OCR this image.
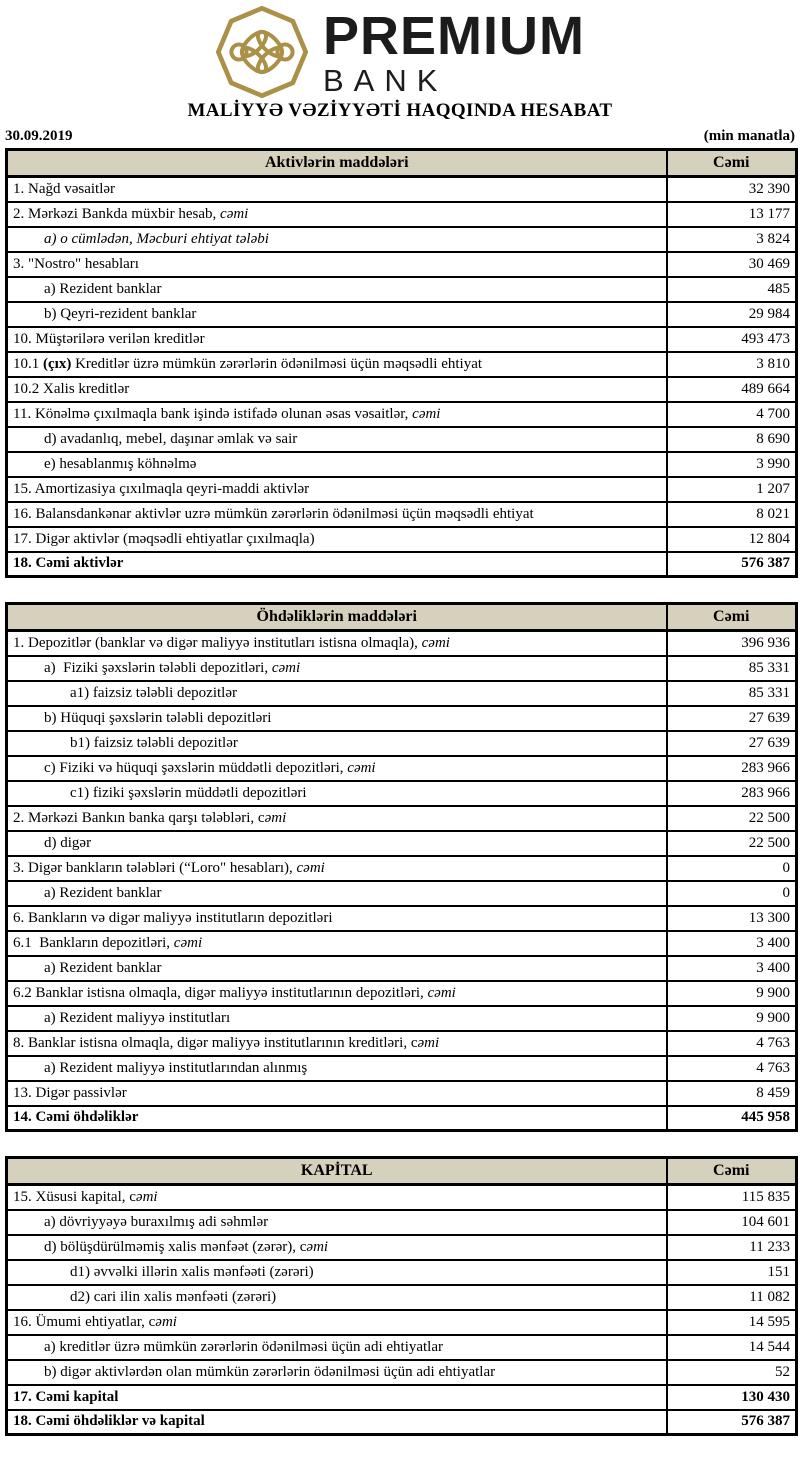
PREMIUM
BANK
MALİYYƏ VƏZİYYƏTİ HAQQINDA HESABAT
30.09.2019	(min manatla)
Aktivlərin maddələri	Cəmi
1. Nağd vəsaitlər	32 390
2. Mərkəzi Bankda müxbir hesab, cəmi	13 177
a) o cümlədən, Məcburi ehtiyat tələbi	3 824
3. "Nostro" hesabları	30 469
a) Rezident banklar	485
b) Qeyri-rezident banklar	29 984
10. Müştərilərə verilən kreditlər	493 473
10.1 (çıx) Kreditlər üzrə mümkün zərərlərin ödənilməsi üçün məqsədli ehtiyat	3 810
10.2 Xalis kreditlər	489 664
11. Könəlmə çıxılmaqla bank işində istifadə olunan əsas vəsaitlər, cəmi	4 700
d) avadanlıq, mebel, daşınar əmlak və sair	8 690
e) hesablanmış köhnəlmə	3 990
15. Amortizasiya çıxılmaqla qeyri-maddi aktivlər	1 207
16. Balansdankənar aktivlər uzrə mümkün zərərlərin ödənilməsi üçün məqsədli ehtiyat	8 021
17. Digər aktivlər (məqsədli ehtiyatlar çıxılmaqla)	12 804
18. Cəmi aktivlər	576 387
Öhdəliklərin maddələri	Cəmi
1. Depozitlər (banklar və digər maliyyə institutları istisna olmaqla), cəmi	396 936
a)  Fiziki şəxslərin tələbli depozitləri, cəmi	85 331
a1) faizsiz tələbli depozitlər	85 331
b) Hüquqi şəxslərin tələbli depozitləri	27 639
b1) faizsiz tələbli depozitlər	27 639
c) Fiziki və hüquqi şəxslərin müddətli depozitləri, cəmi	283 966
c1) fiziki şəxslərin müddətli depozitləri	283 966
2. Mərkəzi Bankın banka qarşı tələbləri, cəmi	22 500
d) digər	22 500
3. Digər bankların tələbləri (“Loro" hesabları), cəmi	0
a) Rezident banklar	0
6. Bankların və digər maliyyə institutların depozitləri	13 300
6.1  Bankların depozitləri, cəmi	3 400
a) Rezident banklar	3 400
6.2 Banklar istisna olmaqla, digər maliyyə institutlarının depozitləri, cəmi	9 900
a) Rezident maliyyə institutları	9 900
8. Banklar istisna olmaqla, digər maliyyə institutlarının kreditləri, cəmi	4 763
a) Rezident maliyyə institutlarından alınmış	4 763
13. Digər passivlər	8 459
14. Cəmi öhdəliklər	445 958
KAPİTAL	Cəmi
15. Xüsusi kapital, cəmi	115 835
a) dövriyyəyə buraxılmış adi səhmlər	104 601
d) bölüşdürülməmiş xalis mənfəət (zərər), cəmi	11 233
d1) əvvəlki illərin xalis mənfəəti (zərəri)	151
d2) cari ilin xalis mənfəəti (zərəri)	11 082
16. Ümumi ehtiyatlar, cəmi	14 595
a) kreditlər üzrə mümkün zərərlərin ödənilməsi üçün adi ehtiyatlar	14 544
b) digər aktivlərdən olan mümkün zərərlərin ödənilməsi üçün adi ehtiyatlar	52
17. Cəmi kapital	130 430
18. Cəmi öhdəliklər və kapital	576 387
